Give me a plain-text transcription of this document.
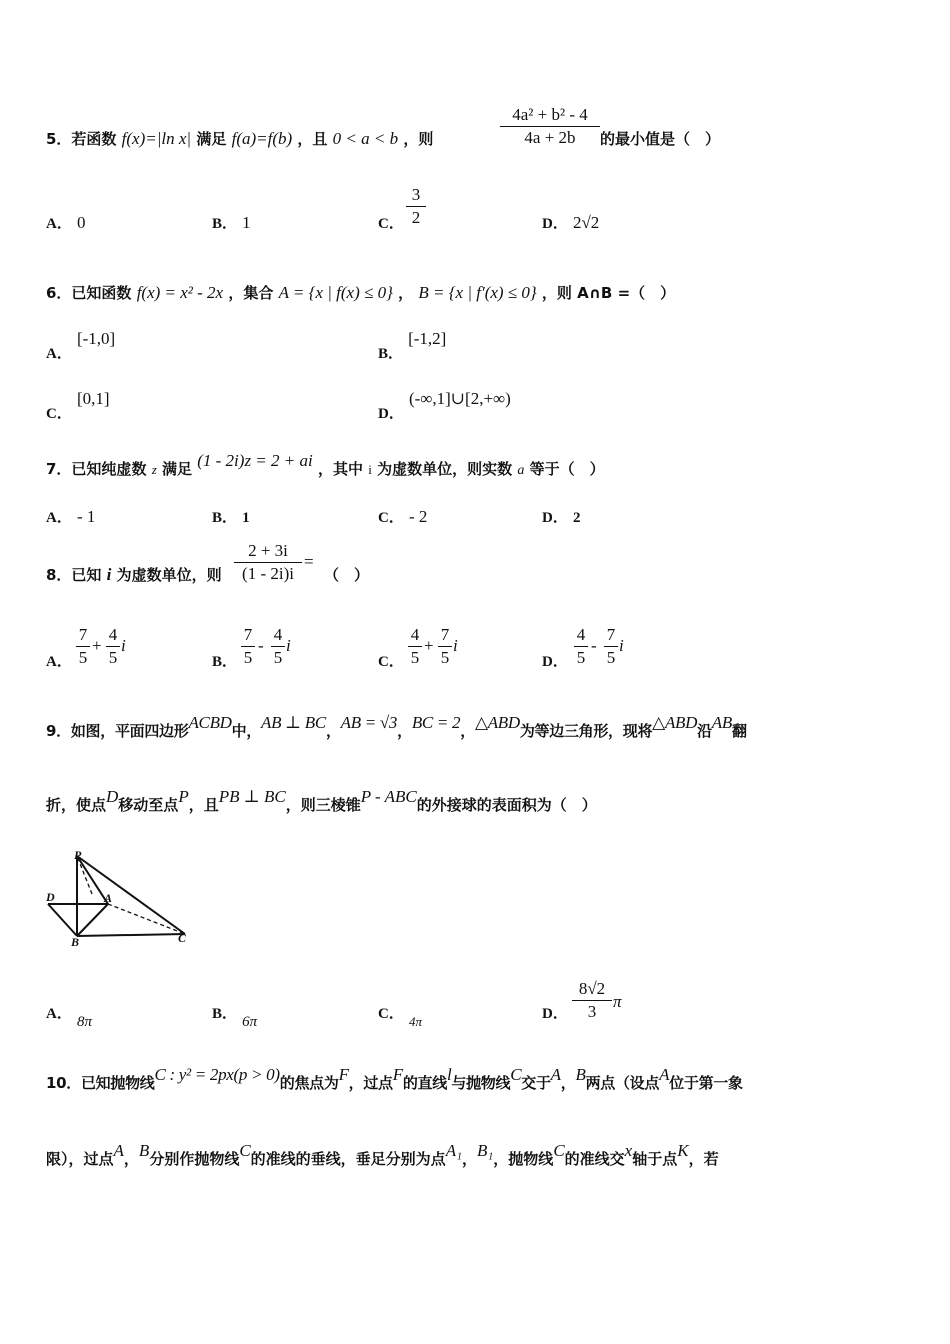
5．若函数 f(x)=|ln x| 满足 f(a)=f(b) ，且 0 < a < b ，则
4a² + b² - 4
4a + 2b	的最小值是（　）
A． 0	B． 1	C．
3
2	D． 2√2
6．已知函数 f(x) = x² - 2x ，集合 A = {x | f(x) ≤ 0} ， B = {x | f′(x) ≤ 0} ，则 A∩B =（　）
A． [-1,0]
B． [-1,2]
C． [0,1]
D． (-∞,1]∪[2,+∞)
7．已知纯虚数 z 满足 (1 - 2i)z = 2 + ai ，其中 i 为虚数单位，则实数 a 等于（　）
A． - 1	B． 1	C． - 2	D． 2
8．已知 i 为虚数单位，则
2 + 3i
(1 - 2i)i
=
（　）
A．
7
5
+
4
5
i
B．
7
5
-
4
5
i
C．
4
5
+
7
5
i
D．
4
5
-
7
5
i
9．如图，平面四边形ACBD中，AB ⊥ BC，AB = √3，BC = 2，△ABD为等边三角形，现将△ABD沿AB翻
折，使点D移动至点P，且PB ⊥ BC，则三棱锥P - ABC的外接球的表面积为（　）
P
D	A
B	C
A． 8π	B． 6π	C． $_{4\pi}$	D．
8√2
3
π
10．已知抛物线C : y² = 2px(p > 0)的焦点为F，过点F的直线l与抛物线C交于A，B两点（设点A位于第一象
限），过点A，B分别作抛物线C的准线的垂线，垂足分别为点A₁，B₁，抛物线C的准线交x轴于点K，若
